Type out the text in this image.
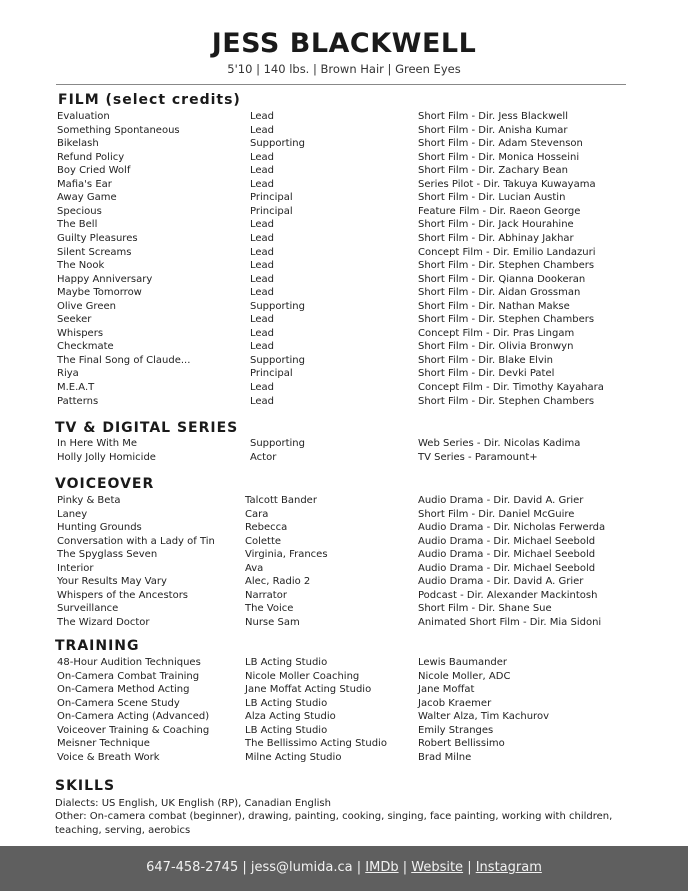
JESS BLACKWELL
5'10 | 140 lbs. | Brown Hair | Green Eyes
FILM (select credits)
Evaluation	Lead	Short Film - Dir. Jess Blackwell
Something Spontaneous	Lead	Short Film - Dir. Anisha Kumar
Bikelash	Supporting	Short Film - Dir. Adam Stevenson
Refund Policy	Lead	Short Film - Dir. Monica Hosseini
Boy Cried Wolf	Lead	Short Film - Dir. Zachary Bean
Mafia's Ear	Lead	Series Pilot - Dir. Takuya Kuwayama
Away Game	Principal	Short Film - Dir. Lucian Austin
Specious	Principal	Feature Film - Dir. Raeon George
The Bell	Lead	Short Film - Dir. Jack Hourahine
Guilty Pleasures	Lead	Short Film - Dir. Abhinay Jakhar
Silent Screams	Lead	Concept Film - Dir. Emilio Landazuri
The Nook	Lead	Short Film - Dir. Stephen Chambers
Happy Anniversary	Lead	Short Film - Dir. Qianna Dookeran
Maybe Tomorrow	Lead	Short Film - Dir. Aidan Grossman
Olive Green	Supporting	Short Film - Dir. Nathan Makse
Seeker	Lead	Short Film - Dir. Stephen Chambers
Whispers	Lead	Concept Film - Dir. Pras Lingam
Checkmate	Lead	Short Film - Dir. Olivia Bronwyn
The Final Song of Claude...	Supporting	Short Film - Dir. Blake Elvin
Riya	Principal	Short Film - Dir. Devki Patel
M.E.A.T	Lead	Concept Film - Dir. Timothy Kayahara
Patterns	Lead	Short Film - Dir. Stephen Chambers
TV & DIGITAL SERIES
In Here With Me	Supporting	Web Series - Dir. Nicolas Kadima
Holly Jolly Homicide	Actor	TV Series - Paramount+
VOICEOVER
Pinky & Beta	Talcott Bander	Audio Drama - Dir. David A. Grier
Laney	Cara	Short Film - Dir. Daniel McGuire
Hunting Grounds	Rebecca	Audio Drama - Dir. Nicholas Ferwerda
Conversation with a Lady of Tin	Colette	Audio Drama - Dir. Michael Seebold
The Spyglass Seven	Virginia, Frances	Audio Drama - Dir. Michael Seebold
Interior	Ava	Audio Drama - Dir. Michael Seebold
Your Results May Vary	Alec, Radio 2	Audio Drama - Dir. David A. Grier
Whispers of the Ancestors	Narrator	Podcast - Dir. Alexander Mackintosh
Surveillance	The Voice	Short Film - Dir. Shane Sue
The Wizard Doctor	Nurse Sam	Animated Short Film - Dir. Mia Sidoni
TRAINING
48-Hour Audition Techniques	LB Acting Studio	Lewis Baumander
On-Camera Combat Training	Nicole Moller Coaching	Nicole Moller, ADC
On-Camera Method Acting	Jane Moffat Acting Studio	Jane Moffat
On-Camera Scene Study	LB Acting Studio	Jacob Kraemer
On-Camera Acting (Advanced)	Alza Acting Studio	Walter Alza, Tim Kachurov
Voiceover Training & Coaching	LB Acting Studio	Emily Stranges
Meisner Technique	The Bellissimo Acting Studio	Robert Bellissimo
Voice & Breath Work	Milne Acting Studio	Brad Milne
SKILLS
Dialects: US English, UK English (RP), Canadian English
Other: On-camera combat (beginner), drawing, painting, cooking, singing, face painting, working with children, teaching, serving, aerobics
647-458-2745 | jess@lumida.ca | IMDb | Website | Instagram
